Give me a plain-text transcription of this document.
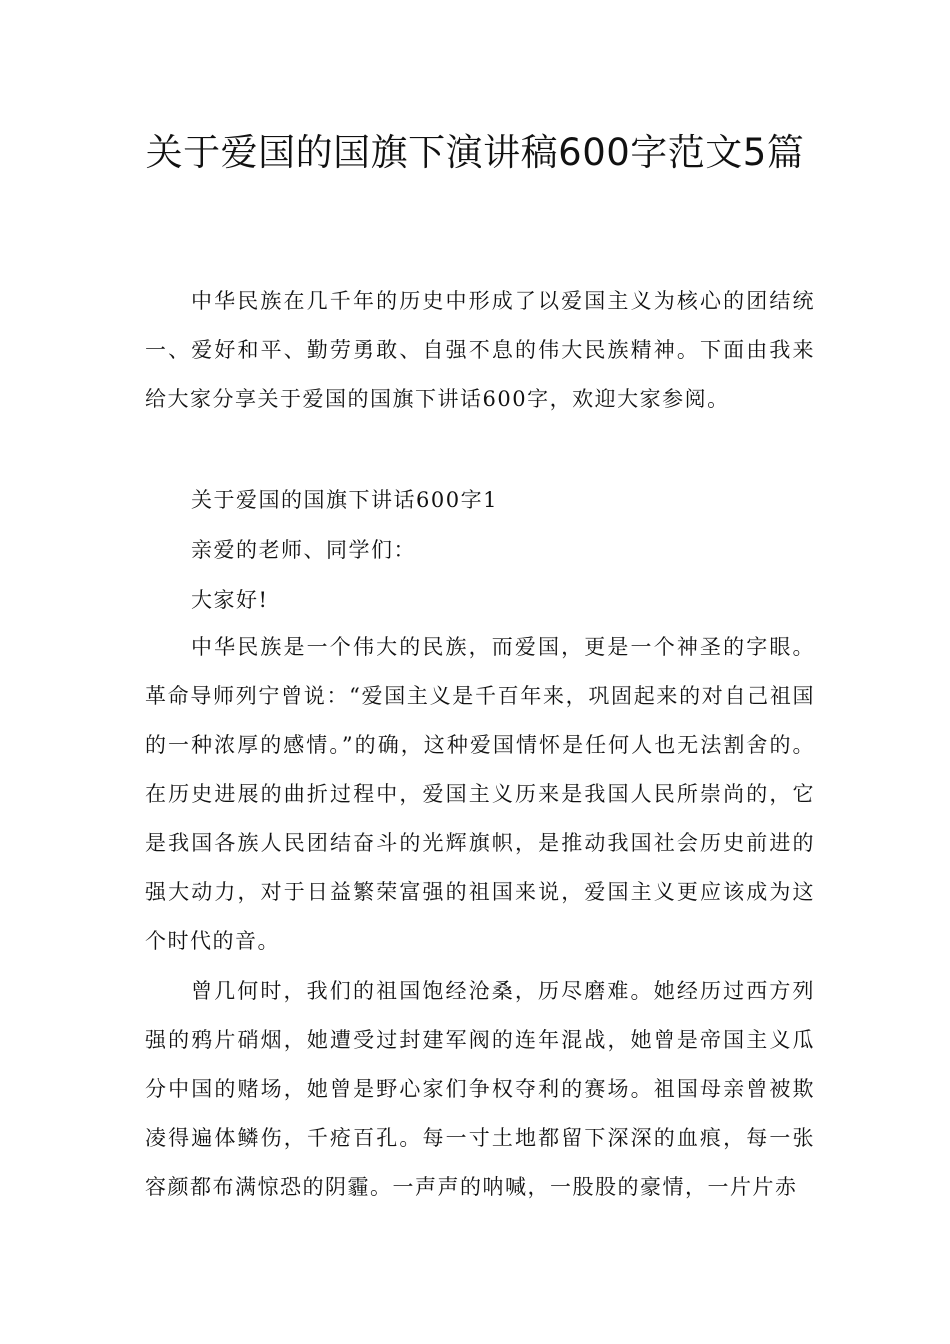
关于爱国的国旗下演讲稿600字范文5篇

中华民族在几千年的历史中形成了以爱国主义为核心的团结统一、爱好和平、勤劳勇敢、自强不息的伟大民族精神。下面由我来给大家分享关于爱国的国旗下讲话600字，欢迎大家参阅。

关于爱国的国旗下讲话600字1

亲爱的老师、同学们：

大家好!

中华民族是一个伟大的民族，而爱国，更是一个神圣的字眼。革命导师列宁曾说：“爱国主义是千百年来，巩固起来的对自己祖国的一种浓厚的感情。”的确，这种爱国情怀是任何人也无法割舍的。在历史进展的曲折过程中，爱国主义历来是我国人民所崇尚的，它是我国各族人民团结奋斗的光辉旗帜，是推动我国社会历史前进的强大动力，对于日益繁荣富强的祖国来说，爱国主义更应该成为这个时代的音。

曾几何时，我们的祖国饱经沧桑，历尽磨难。她经历过西方列强的鸦片硝烟，她遭受过封建军阀的连年混战，她曾是帝国主义瓜分中国的赌场，她曾是野心家们争权夺利的赛场。祖国母亲曾被欺凌得遍体鳞伤，千疮百孔。每一寸土地都留下深深的血痕，每一张容颜都布满惊恐的阴霾。一声声的呐喊，一股股的豪情，一片片赤
